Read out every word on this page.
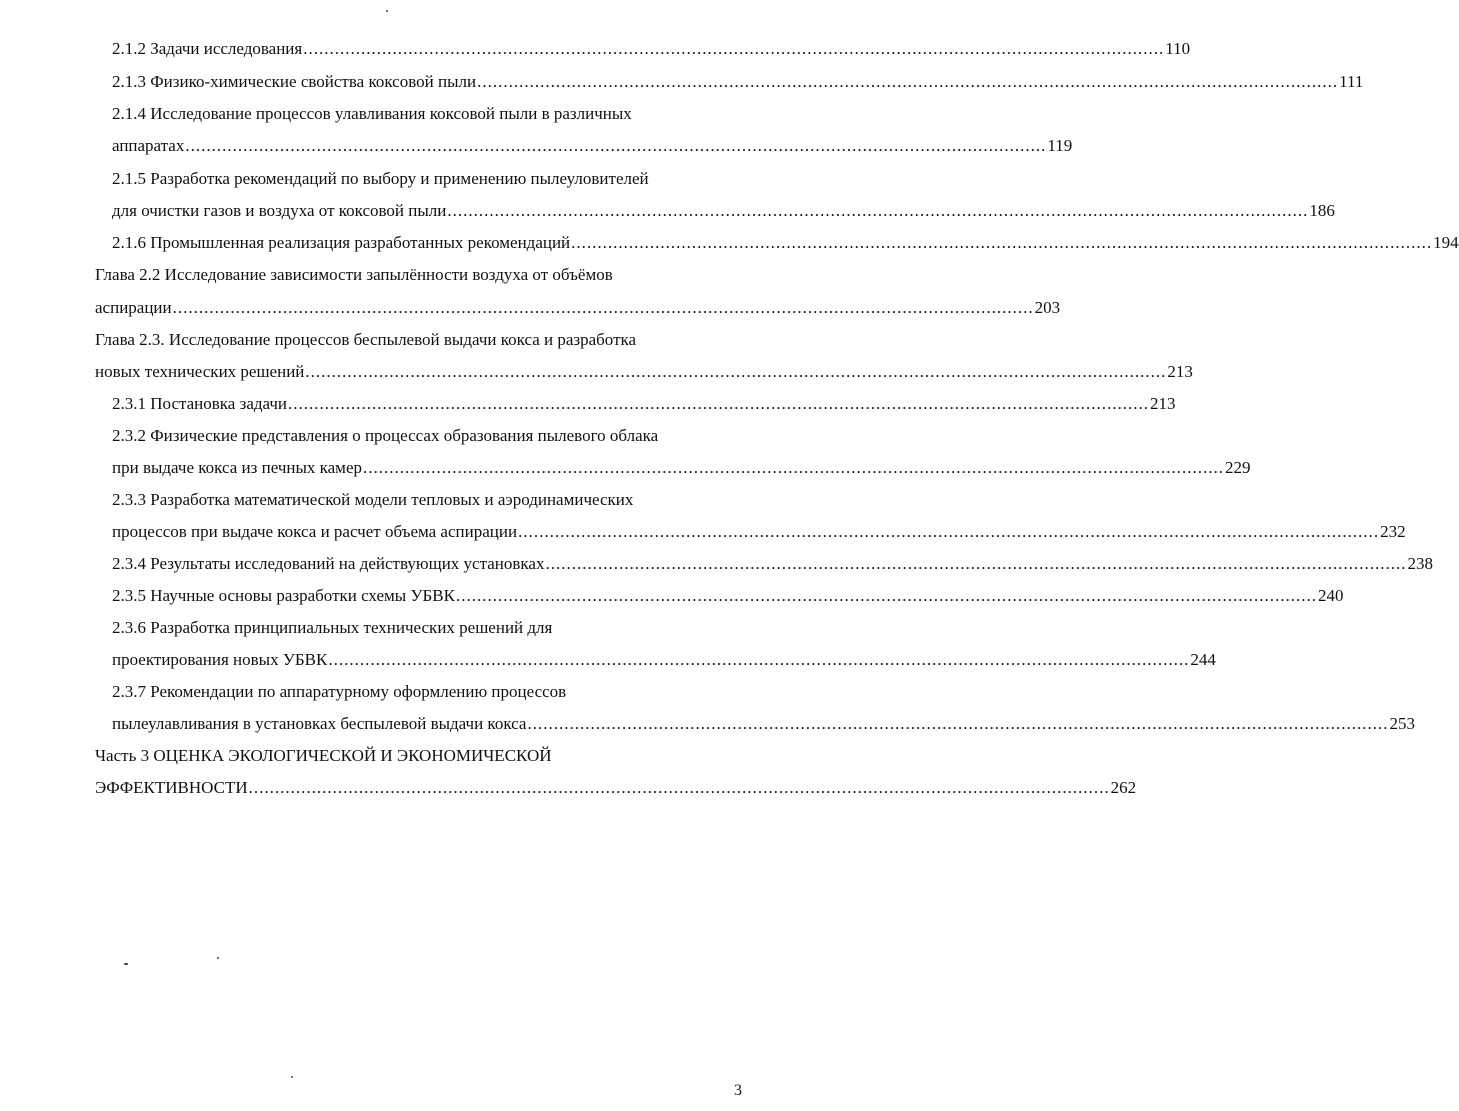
2.1.2 Задачи исследования .................................................................................................................................................................... 110
2.1.3 Физико-химические свойства коксовой пыли .................................................................................................................................................................... 111
2.1.4 Исследование процессов улавливания коксовой пыли в различных
аппаратах .................................................................................................................................................................... 119
2.1.5 Разработка рекомендаций по выбору и применению пылеуловителей
для очистки газов и воздуха от коксовой пыли .................................................................................................................................................................... 186
2.1.6 Промышленная реализация разработанных рекомендаций .................................................................................................................................................................... 194
Глава 2.2 Исследование зависимости запылённости воздуха от объёмов
аспирации .................................................................................................................................................................... 203
Глава 2.3. Исследование процессов беспылевой выдачи кокса и разработка
новых технических решений .................................................................................................................................................................... 213
2.3.1 Постановка задачи .................................................................................................................................................................... 213
2.3.2 Физические представления о процессах образования пылевого облака
при выдаче кокса из печных камер .................................................................................................................................................................... 229
2.3.3 Разработка математической модели тепловых и аэродинамических
процессов при выдаче кокса и расчет объема аспирации .................................................................................................................................................................... 232
2.3.4 Результаты исследований на действующих установках .................................................................................................................................................................... 238
2.3.5 Научные основы разработки схемы УБВК .................................................................................................................................................................... 240
2.3.6 Разработка принципиальных технических решений для
проектирования новых УБВК .................................................................................................................................................................... 244
2.3.7 Рекомендации по аппаратурному оформлению процессов
пылеулавливания в установках беспылевой выдачи кокса .................................................................................................................................................................... 253
Часть 3 ОЦЕНКА ЭКОЛОГИЧЕСКОЙ И ЭКОНОМИЧЕСКОЙ
ЭФФЕКТИВНОСТИ .................................................................................................................................................................... 262
3
